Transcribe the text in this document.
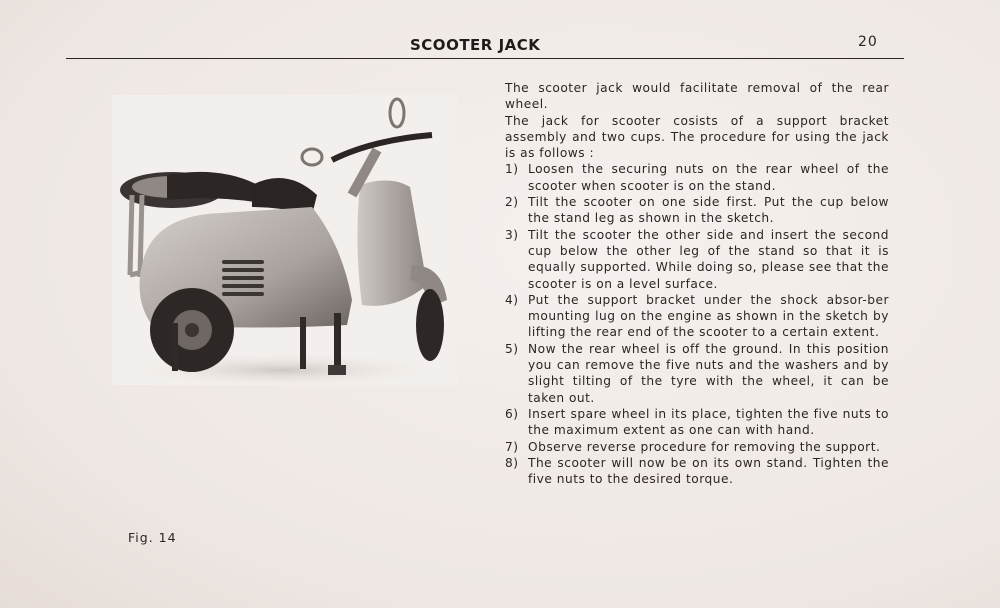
SCOOTER JACK	20
Fig. 14

The scooter jack would facilitate removal of the rear wheel.

The jack for scooter cosists of a support bracket assembly and two cups. The procedure for using the jack is as follows :

1) Loosen the securing nuts on the rear wheel of the scooter when scooter is on the stand.
2) Tilt the scooter on one side first. Put the cup below the stand leg as shown in the sketch.
3) Tilt the scooter the other side and insert the second cup below the other leg of the stand so that it is equally supported. While doing so, please see that the scooter is on a level surface.
4) Put the support bracket under the shock absor-ber mounting lug on the engine as shown in the sketch by lifting the rear end of the scooter to a certain extent.
5) Now the rear wheel is off the ground. In this position you can remove the five nuts and the washers and by slight tilting of the tyre with the wheel, it can be taken out.
6) Insert spare wheel in its place, tighten the five nuts to the maximum extent as one can with hand.
7) Observe reverse procedure for removing the support.
8) The scooter will now be on its own stand. Tighten the five nuts to the desired torque.
